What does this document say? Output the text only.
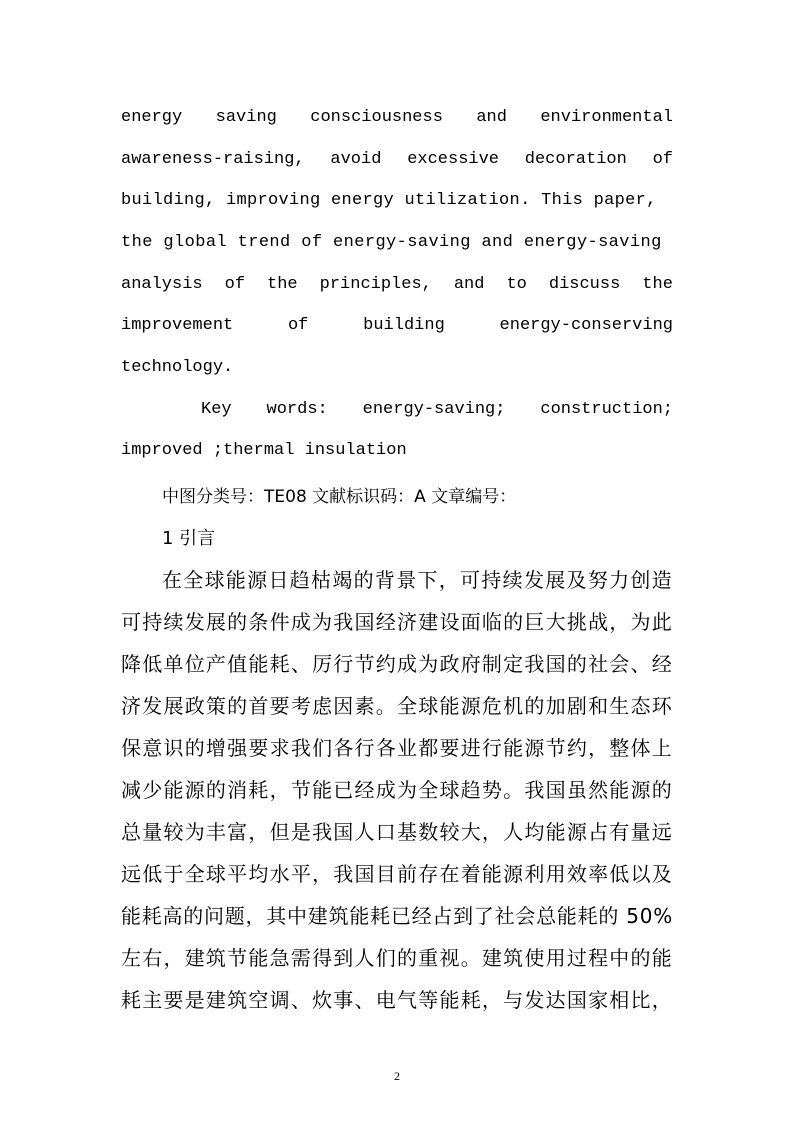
energy saving consciousness and environmental
awareness-raising, avoid excessive decoration of
building, improving energy utilization. This paper,
the global trend of energy-saving and energy-saving
analysis of the principles, and to discuss the
improvement	of	building	energy-conserving
technology.
Key words: energy-saving; construction;
improved ;thermal insulation
中图分类号：TE08 文献标识码：A 文章编号：
1 引言
在全球能源日趋枯竭的背景下，可持续发展及努力创造
可持续发展的条件成为我国经济建设面临的巨大挑战，为此
降低单位产值能耗、厉行节约成为政府制定我国的社会、经
济发展政策的首要考虑因素。全球能源危机的加剧和生态环
保意识的增强要求我们各行各业都要进行能源节约，整体上
减少能源的消耗，节能已经成为全球趋势。我国虽然能源的
总量较为丰富，但是我国人口基数较大，人均能源占有量远
远低于全球平均水平，我国目前存在着能源利用效率低以及
能耗高的问题，其中建筑能耗已经占到了社会总能耗的 50%
左右，建筑节能急需得到人们的重视。建筑使用过程中的能
耗主要是建筑空调、炊事、电气等能耗，与发达国家相比，
2
